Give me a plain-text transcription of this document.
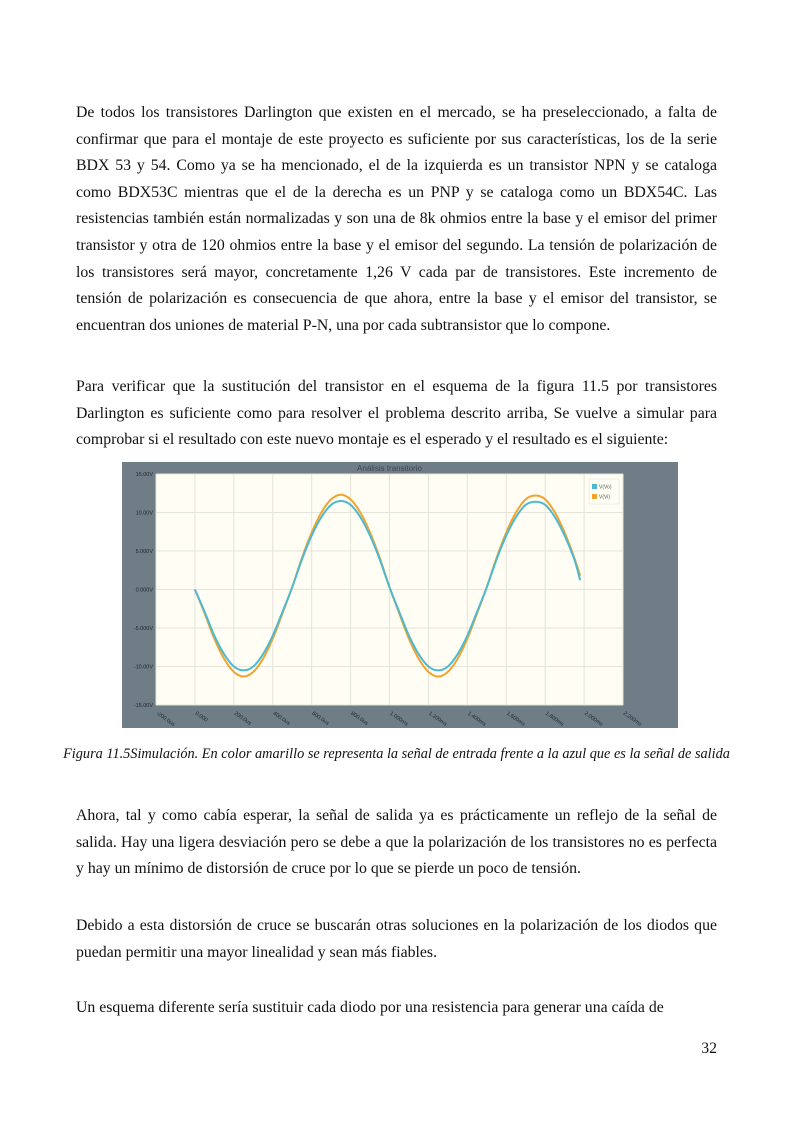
De todos los transistores Darlington que existen en el mercado, se ha preseleccionado, a falta de confirmar que para el montaje de este proyecto es suficiente por sus características, los de la serie BDX 53 y 54. Como ya se ha mencionado, el de la izquierda es un transistor NPN y se cataloga como BDX53C mientras que el de la derecha es un PNP y se cataloga como un BDX54C. Las resistencias también están normalizadas y son una de 8k ohmios entre la base y el emisor del primer transistor y otra de 120 ohmios entre la base y el emisor del segundo. La tensión de polarización de los transistores será mayor, concretamente 1,26 V cada par de transistores. Este incremento de tensión de polarización es consecuencia de que ahora, entre la base y el emisor del transistor, se encuentran dos uniones de material P-N, una por cada subtransistor que lo compone.

Para verificar que la sustitución del transistor en el esquema de la figura 11.5 por transistores Darlington es suficiente como para resolver el problema descrito arriba, Se vuelve a simular para comprobar si el resultado con este nuevo montaje es el esperado y el resultado es el siguiente:

Análisis transitorio
-200.0us	0.000	200.0us	400.0us	600.0us	800.0us	1.000ms	1.200ms	1.400ms	1.600ms	1.800ms	2.000ms	2.200ms
15.00V
10.00V
5.000V
0.000V
-5.000V
-10.00V
-15.00V
V(Vo)
V(Vi)
Figura 11.5Simulación. En color amarillo se representa la señal de entrada frente a la azul que es la señal de salida

Ahora, tal y como cabía esperar, la señal de salida ya es prácticamente un reflejo de la señal de salida. Hay una ligera desviación pero se debe a que la polarización de los transistores no es perfecta y hay un mínimo de distorsión de cruce por lo que se pierde un poco de tensión.

Debido a esta distorsión de cruce se buscarán otras soluciones en la polarización de los diodos que puedan permitir una mayor linealidad y sean más fiables.

Un esquema diferente sería sustituir cada diodo por una resistencia para generar una caída de

32
